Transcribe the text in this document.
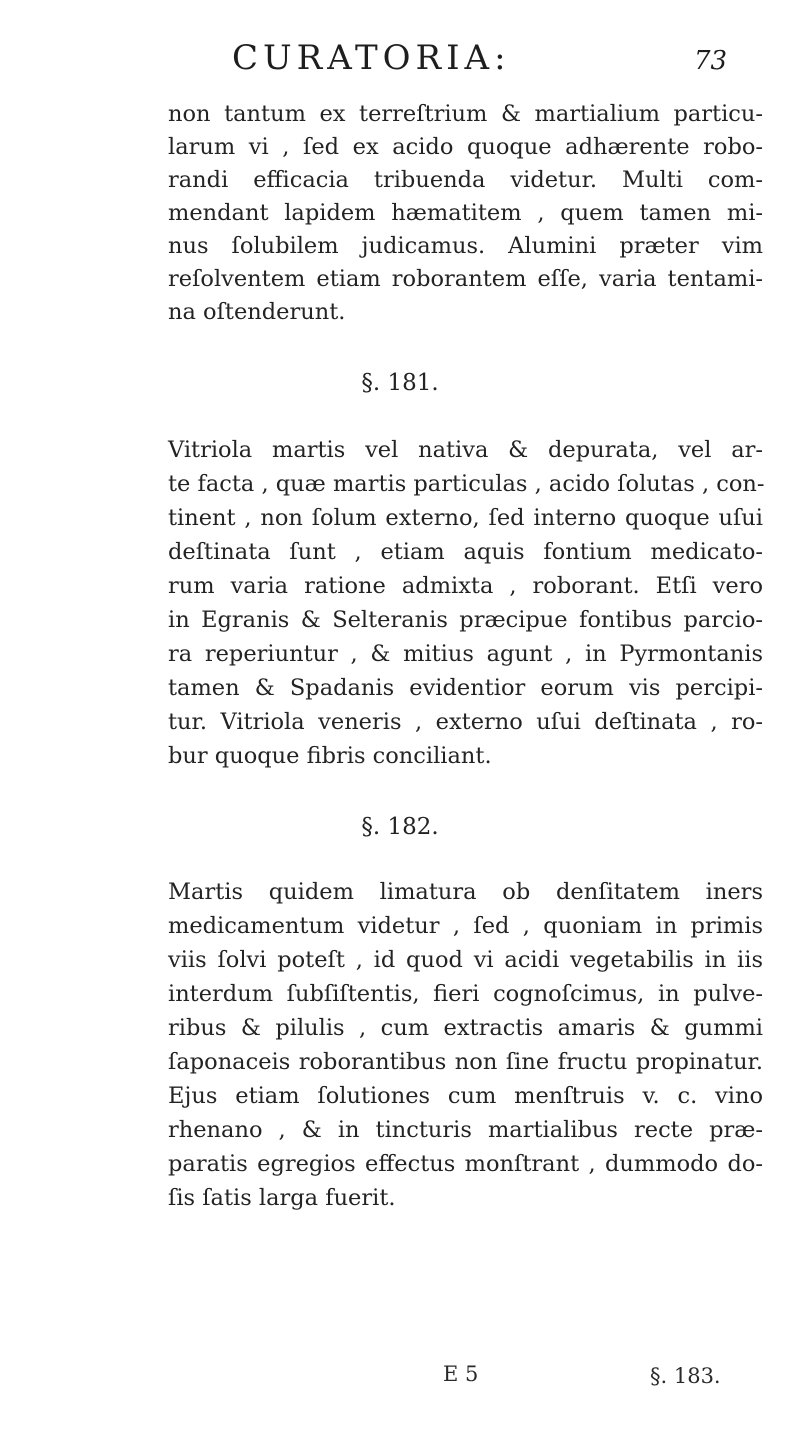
CURATORIA:	73
non tantum ex terreſtrium & martialium particu-
larum vi , ſed ex acido quoque adhærente robo-
randi efficacia tribuenda videtur. Multi com-
mendant lapidem hæmatitem , quem tamen mi-
nus ſolubilem judicamus. Alumini præter vim
reſolventem etiam roborantem eſſe, varia tentami-
na oſtenderunt.
§. 181.
Vitriola martis vel nativa & depurata, vel ar-
te facta , quæ martis particulas , acido ſolutas , con-
tinent , non ſolum externo, ſed interno quoque uſui
deſtinata ſunt , etiam aquis fontium medicato-
rum varia ratione admixta , roborant. Etſi vero
in Egranis & Selteranis præcipue fontibus parcio-
ra reperiuntur , & mitius agunt , in Pyrmontanis
tamen & Spadanis evidentior eorum vis percipi-
tur. Vitriola veneris , externo uſui deſtinata , ro-
bur quoque fibris conciliant.
§. 182.
Martis quidem limatura ob denſitatem iners
medicamentum videtur , ſed , quoniam in primis
viis ſolvi poteſt , id quod vi acidi vegetabilis in iis
interdum ſubſiſtentis, fieri cognoſcimus, in pulve-
ribus & pilulis , cum extractis amaris & gummi
ſaponaceis roborantibus non ſine fructu propinatur.
Ejus etiam ſolutiones cum menſtruis v. c. vino
rhenano , & in tincturis martialibus recte præ-
paratis egregios effectus monſtrant , dummodo do-
ſis ſatis larga fuerit.
E 5	§. 183.
